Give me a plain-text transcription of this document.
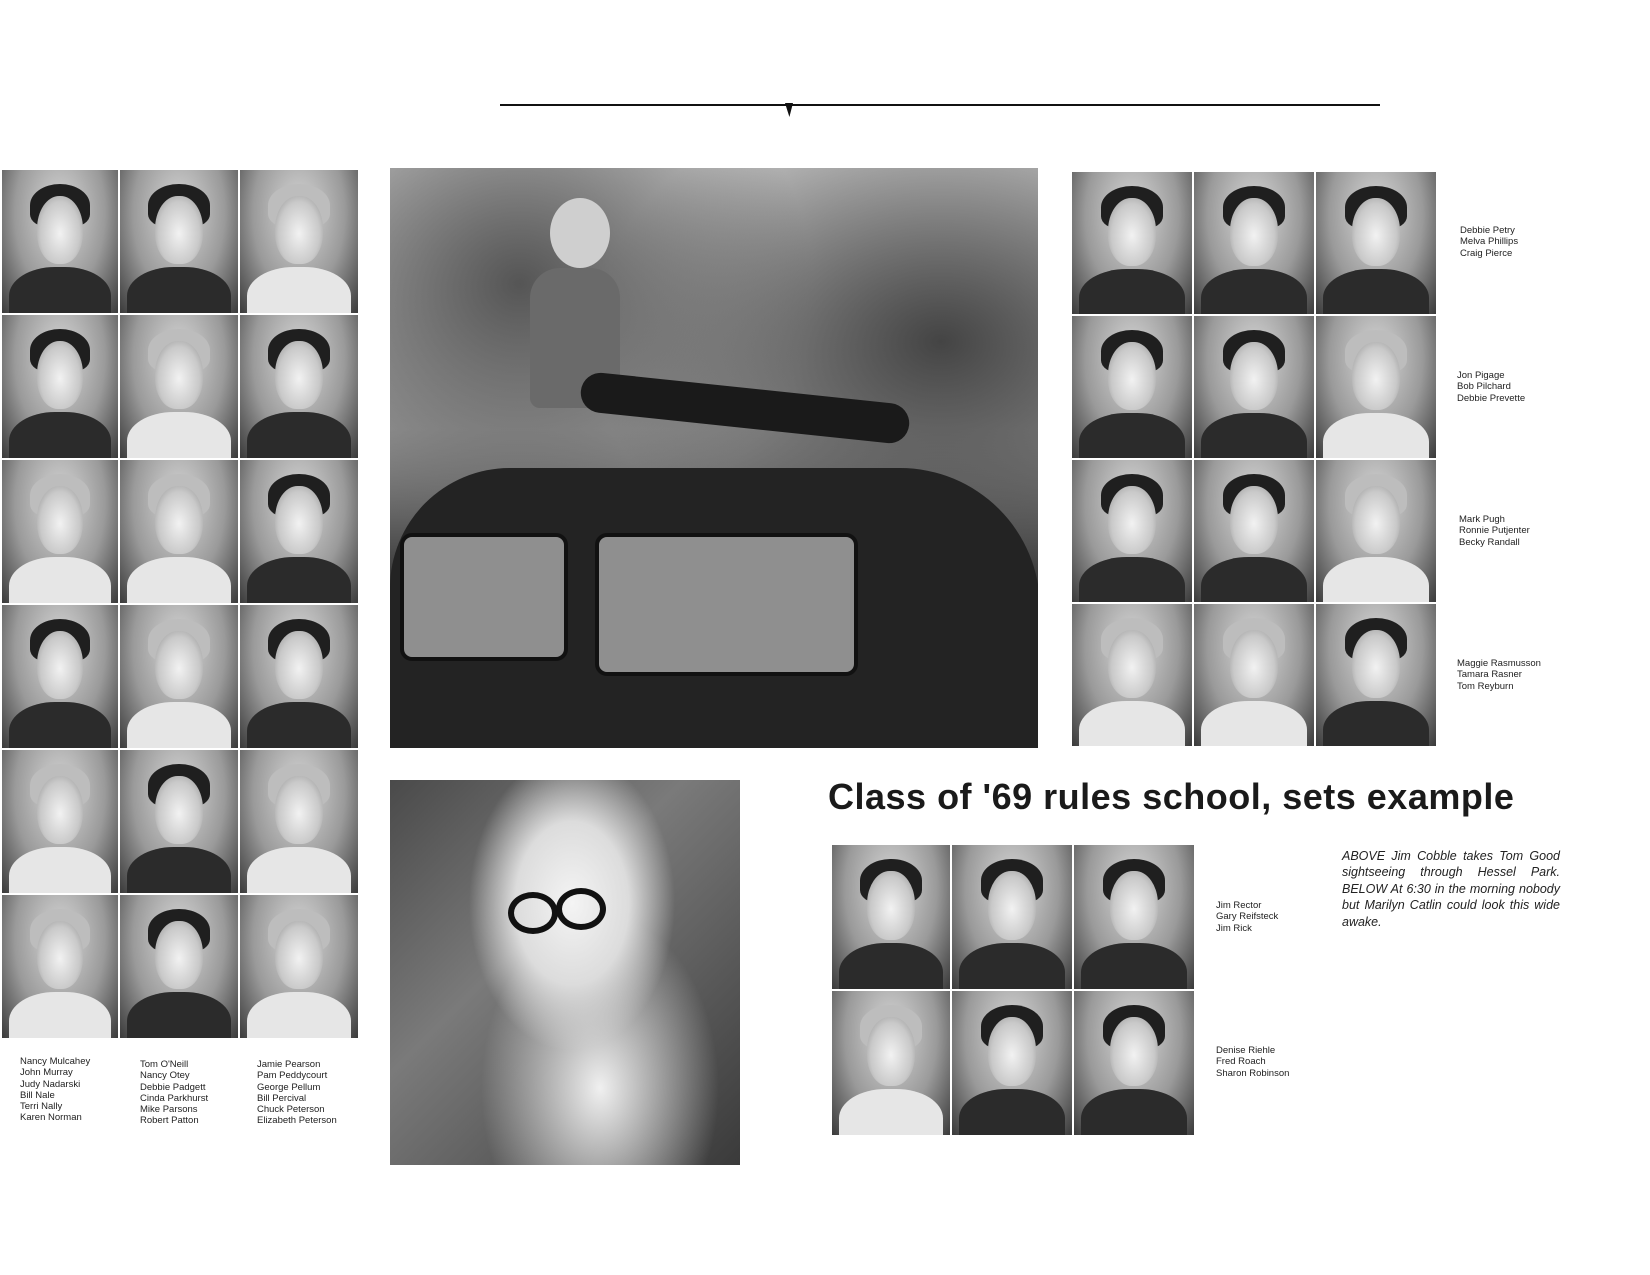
Nancy Mulcahey
John Murray
Judy Nadarski
Bill Nale
Terri Nally
Karen Norman
Tom O'Neill
Nancy Otey
Debbie Padgett
Cinda Parkhurst
Mike Parsons
Robert Patton
Jamie Pearson
Pam Peddycourt
George Pellum
Bill Percival
Chuck Peterson
Elizabeth Peterson
Debbie Petry
Melva Phillips
Craig Pierce
Jon Pigage
Bob Pilchard
Debbie Prevette
Mark Pugh
Ronnie Putjenter
Becky Randall
Maggie Rasmusson
Tamara Rasner
Tom Reyburn
Class of '69 rules school, sets example
Jim Rector
Gary Reifsteck
Jim Rick
Denise Riehle
Fred Roach
Sharon Robinson
ABOVE Jim Cobble takes Tom Good sightseeing through Hessel Park. BELOW At 6:30 in the morning nobody but Marilyn Catlin could look this wide awake.
